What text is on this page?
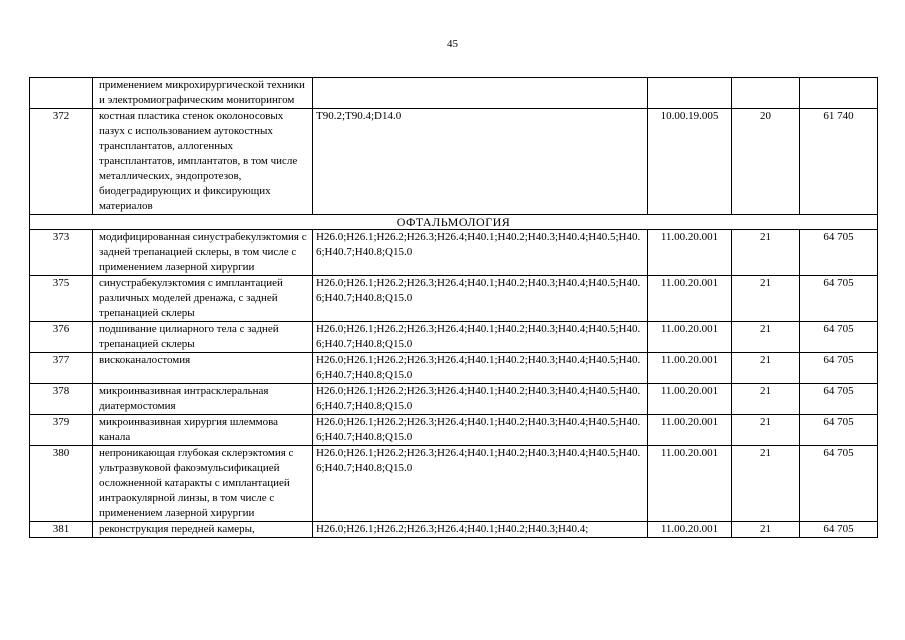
45
	применением микрохирургической техники и электромиографическим мониторингом				
372	костная пластика стенок околоносовых пазух с использованием аутокостных трансплантатов, аллогенных трансплантатов, имплантатов, в том числе металлических, эндопротезов, биодеградирующих и фиксирующих материалов	T90.2;T90.4;D14.0	10.00.19.005	20	61 740
ОФТАЛЬМОЛОГИЯ					
373	модифицированная синустрабекулэктомия с задней трепанацией склеры, в том числе с применением лазерной хирургии	H26.0;H26.1;H26.2;H26.3;H26.4;H40.1;H40.2;H40.3;H40.4;H40.5;H40.6;H40.7;H40.8;Q15.0	11.00.20.001	21	64 705
375	синустрабекулэктомия с имплантацией различных моделей дренажа, с задней трепанацией склеры	H26.0;H26.1;H26.2;H26.3;H26.4;H40.1;H40.2;H40.3;H40.4;H40.5;H40.6;H40.7;H40.8;Q15.0	11.00.20.001	21	64 705
376	подшивание цилиарного тела с задней трепанацией склеры	H26.0;H26.1;H26.2;H26.3;H26.4;H40.1;H40.2;H40.3;H40.4;H40.5;H40.6;H40.7;H40.8;Q15.0	11.00.20.001	21	64 705
377	вискоканалостомия	H26.0;H26.1;H26.2;H26.3;H26.4;H40.1;H40.2;H40.3;H40.4;H40.5;H40.6;H40.7;H40.8;Q15.0	11.00.20.001	21	64 705
378	микроинвазивная интрасклеральная диатермостомия	H26.0;H26.1;H26.2;H26.3;H26.4;H40.1;H40.2;H40.3;H40.4;H40.5;H40.6;H40.7;H40.8;Q15.0	11.00.20.001	21	64 705
379	микроинвазивная хирургия шлеммова канала	H26.0;H26.1;H26.2;H26.3;H26.4;H40.1;H40.2;H40.3;H40.4;H40.5;H40.6;H40.7;H40.8;Q15.0	11.00.20.001	21	64 705
380	непроникающая глубокая склерэктомия с ультразвуковой факоэмульсификацией осложненной катаракты с имплантацией интраокулярной линзы, в том числе с применением лазерной хирургии	H26.0;H26.1;H26.2;H26.3;H26.4;H40.1;H40.2;H40.3;H40.4;H40.5;H40.6;H40.7;H40.8;Q15.0	11.00.20.001	21	64 705
381	реконструкция передней камеры,	H26.0;H26.1;H26.2;H26.3;H26.4;H40.1;H40.2;H40.3;H40.4;	11.00.20.001	21	64 705
